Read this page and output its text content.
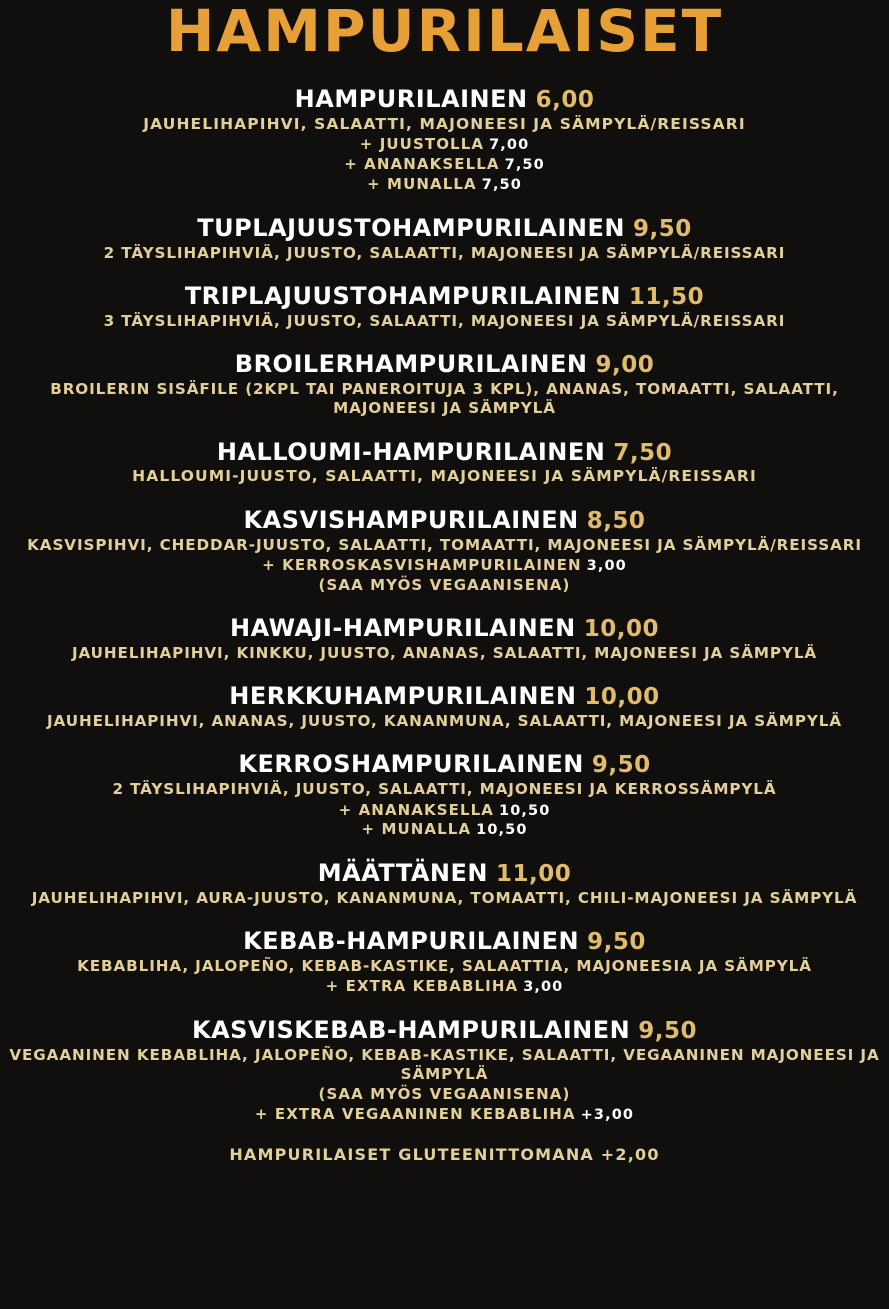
HAMPURILAISET
HAMPURILAINEN 6,00
JAUHELIHAPIHVI, SALAATTI, MAJONEESI JA SÄMPYLÄ/REISSARI
+ JUUSTOLLA 7,00
+ ANANAKSELLA 7,50
+ MUNALLA 7,50
TUPLAJUUSTOHAMPURILAINEN 9,50
2 TÄYSLIHAPIHVIÄ, JUUSTO, SALAATTI, MAJONEESI JA SÄMPYLÄ/REISSARI
TRIPLAJUUSTOHAMPURILAINEN 11,50
3 TÄYSLIHAPIHVIÄ, JUUSTO, SALAATTI, MAJONEESI JA SÄMPYLÄ/REISSARI
BROILERHAMPURILAINEN 9,00
BROILERIN SISÄFILE (2KPL TAI PANEROITUJA 3 KPL), ANANAS, TOMAATTI, SALAATTI, MAJONEESI JA SÄMPYLÄ
HALLOUMI-HAMPURILAINEN 7,50
HALLOUMI-JUUSTO, SALAATTI, MAJONEESI JA SÄMPYLÄ/REISSARI
KASVISHAMPURILAINEN 8,50
KASVISPIHVI, CHEDDAR-JUUSTO, SALAATTI, TOMAATTI, MAJONEESI JA SÄMPYLÄ/REISSARI
+ KERROSKASVISHAMPURILAINEN 3,00
(SAA MYÖS VEGAANISENA)
HAWAJI-HAMPURILAINEN 10,00
JAUHELIHAPIHVI, KINKKU, JUUSTO, ANANAS, SALAATTI, MAJONEESI JA SÄMPYLÄ
HERKKUHAMPURILAINEN 10,00
JAUHELIHAPIHVI, ANANAS, JUUSTO, KANANMUNA, SALAATTI, MAJONEESI JA SÄMPYLÄ
KERROSHAMPURILAINEN 9,50
2 TÄYSLIHAPIHVIÄ, JUUSTO, SALAATTI, MAJONEESI JA KERROSSÄMPYLÄ
+ ANANAKSELLA 10,50
+ MUNALLA 10,50
MÄÄTTÄNEN 11,00
JAUHELIHAPIHVI, AURA-JUUSTO, KANANMUNA, TOMAATTI, CHILI-MAJONEESI JA SÄMPYLÄ
KEBAB-HAMPURILAINEN 9,50
KEBABLIHA, JALOPEÑO, KEBAB-KASTIKE, SALAATTIA, MAJONEESIA JA SÄMPYLÄ
+ EXTRA KEBABLIHA 3,00
KASVISKEBAB-HAMPURILAINEN 9,50
VEGAANINEN KEBABLIHA, JALOPEÑO, KEBAB-KASTIKE, SALAATTI, VEGAANINEN MAJONEESI JA SÄMPYLÄ
(SAA MYÖS VEGAANISENA)
+ EXTRA VEGAANINEN KEBABLIHA +3,00
HAMPURILAISET GLUTEENITTOMANA +2,00
